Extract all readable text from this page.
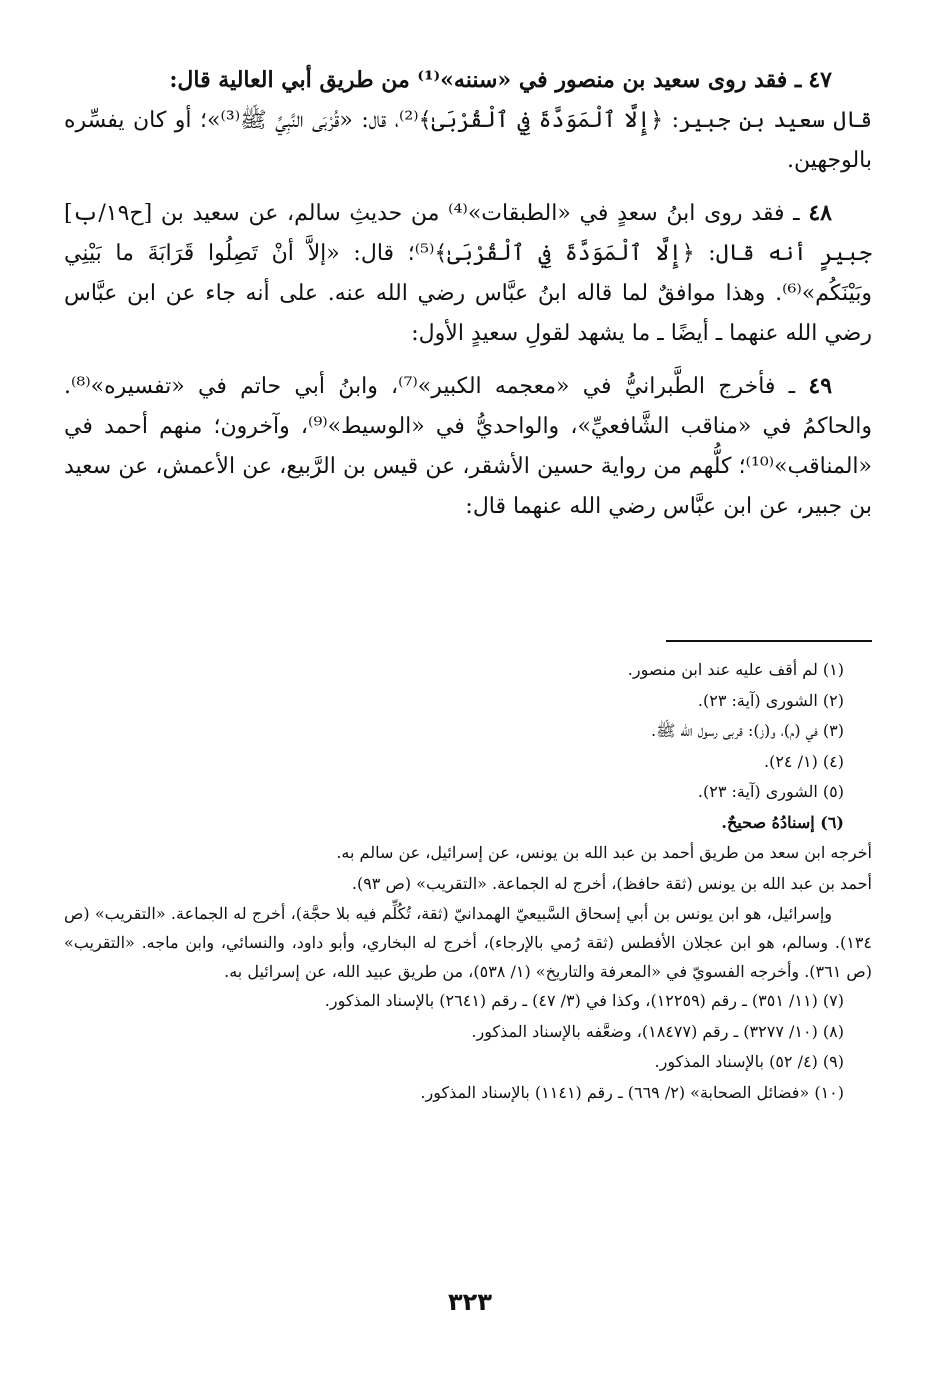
٤٧ ـ فقد روى سعيد بن منصور في «سننه»⁽¹⁾ من طريق أبي العالية قال:
قال سعيد بن جبير: ﴿إِلَّا ٱلْمَوَدَّةَ فِي ٱلْقُرْبَىٰ﴾⁽²⁾، قال: «قُرْبَى النَّبِيِّ ﷺ⁽³⁾»؛ أو كان يفسِّره بالوجهين.

٤٨ ـ فقد روى ابنُ سعدٍ في «الطبقات»⁽⁴⁾ من حديثِ سالم، عن سعيد بن [ح١٩/ب] جبيرٍ أنه قال: ﴿إِلَّا ٱلْمَوَدَّةَ فِي ٱلْقُرْبَىٰ﴾⁽⁵⁾؛ قال: «إلاَّ أنْ تَصِلُوا قَرَابَةَ ما بَيْنِي وبَيْنَكُم»⁽⁶⁾. وهذا موافقٌ لما قاله ابنُ عبَّاس رضي الله عنه. على أنه جاء عن ابن عبَّاس رضي الله عنهما ـ أيضًا ـ ما يشهد لقولِ سعيدٍ الأول:

٤٩ ـ فأخرج الطَّبرانيُّ في «معجمه الكبير»⁽⁷⁾، وابنُ أبي حاتم في «تفسيره»⁽⁸⁾. والحاكمُ في «مناقب الشَّافعيِّ»، والواحديُّ في «الوسيط»⁽⁹⁾، وآخرون؛ منهم أحمد في «المناقب»⁽¹⁰⁾؛ كلُّهم من رواية حسين الأشقر، عن قيس بن الرَّبيع، عن الأعمش، عن سعيد بن جبير، عن ابن عبَّاس رضي الله عنهما قال:

(١) لم أقف عليه عند ابن منصور.

(٢) الشورى (آية: ٢٣).

(٣) في (م)، و(ز): قربى رسول الله ﷺ.

(٤) (١/ ٢٤).

(٥) الشورى (آية: ٢٣).

(٦) إسنادُهُ صحيحٌ.

أخرجه ابن سعد من طريق أحمد بن عبد الله بن يونس، عن إسرائيل، عن سالم به.

أحمد بن عبد الله بن يونس (ثقة حافظ)، أخرج له الجماعة. «التقريب» (ص ٩٣).

وإسرائيل، هو ابن يونس بن أبي إسحاق السَّبيعيّ الهمدانيّ (ثقة، تُكُلِّم فيه بلا حجَّة)، أخرج له الجماعة. «التقريب» (ص ١٣٤). وسالم، هو ابن عجلان الأفطس (ثقة رُمي بالإرجاء)، أخرج له البخاري، وأبو داود، والنسائي، وابن ماجه. «التقريب» (ص ٣٦١). وأخرجه الفسويّ في «المعرفة والتاريخ» (١/ ٥٣٨)، من طريق عبيد الله، عن إسرائيل به.

(٧) (١١/ ٣٥١) ـ رقم (١٢٢٥٩)، وكذا في (٣/ ٤٧) ـ رقم (٢٦٤١) بالإسناد المذكور.

(٨) (١٠/ ٣٢٧٧) ـ رقم (١٨٤٧٧)، وضعَّفه بالإسناد المذكور.

(٩) (٤/ ٥٢) بالإسناد المذكور.

(١٠) «فضائل الصحابة» (٢/ ٦٦٩) ـ رقم (١١٤١) بالإسناد المذكور.

٣٢٣
